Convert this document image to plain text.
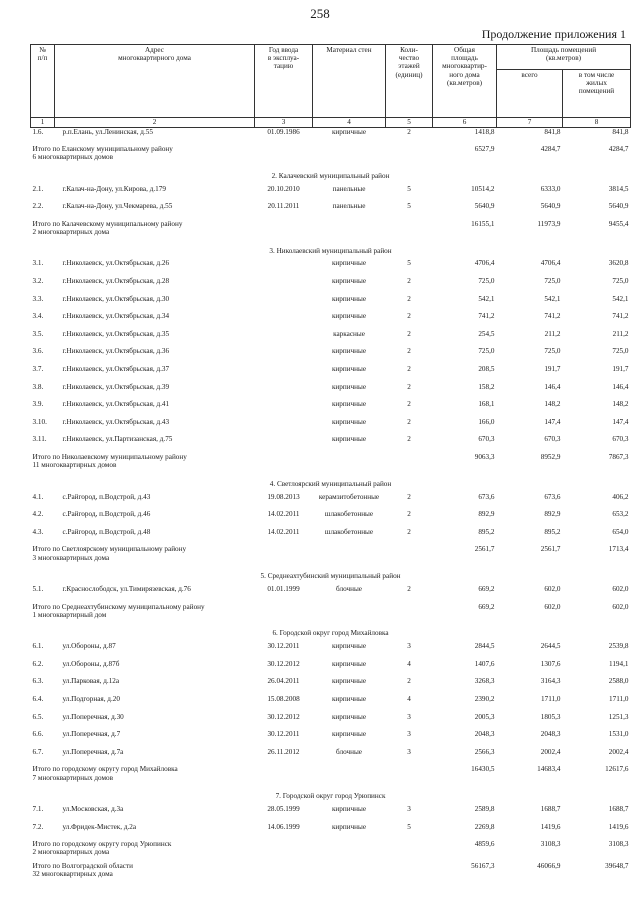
258
Продолжение приложения 1
№
п/п	Адрес
многоквартирного дома	Год ввода
в эксплуа-
тацию	Материал стен	Коли-
чество
этажей
(единиц)	Общая
площадь
многоквартир-
ного дома
(кв.метров)	Площадь помещений
(кв.метров)	
						всего	в том числе
жилых
помещений
1	2	3	4	5	6	7	8
1.6.	р.п.Елань, ул.Ленинская, д.55	01.09.1986	кирпичные	2	1418,8	841,8	841,8
Итого по Еланскому муниципальному району
6 многоквартирных домов					6527,9	4284,7	4284,7
2. Калачевский муниципальный район							
2.1.	г.Калач-на-Дону, ул.Кирова, д.179	20.10.2010	панельные	5	10514,2	6333,0	3814,5
2.2.	г.Калач-на-Дону, ул.Чекмарева, д.55	20.11.2011	панельные	5	5640,9	5640,9	5640,9
Итого по Калачевскому муниципальному району
2 многоквартирных дома					16155,1	11973,9	9455,4
3. Николаевский муниципальный район							
3.1.	г.Николаевск, ул.Октябрьская, д.26		кирпичные	5	4706,4	4706,4	3620,8
3.2.	г.Николаевск, ул.Октябрьская, д.28		кирпичные	2	725,0	725,0	725,0
3.3.	г.Николаевск, ул.Октябрьская, д.30		кирпичные	2	542,1	542,1	542,1
3.4.	г.Николаевск, ул.Октябрьская, д.34		кирпичные	2	741,2	741,2	741,2
3.5.	г.Николаевск, ул.Октябрьская, д.35		каркасные	2	254,5	211,2	211,2
3.6.	г.Николаевск, ул.Октябрьская, д.36		кирпичные	2	725,0	725,0	725,0
3.7.	г.Николаевск, ул.Октябрьская, д.37		кирпичные	2	208,5	191,7	191,7
3.8.	г.Николаевск, ул.Октябрьская, д.39		кирпичные	2	158,2	146,4	146,4
3.9.	г.Николаевск, ул.Октябрьская, д.41		кирпичные	2	168,1	148,2	148,2
3.10.	г.Николаевск, ул.Октябрьская, д.43		кирпичные	2	166,0	147,4	147,4
3.11.	г.Николаевск, ул.Партизанская, д.75		кирпичные	2	670,3	670,3	670,3
Итого по Николаевскому муниципальному району
11 многоквартирных домов					9063,3	8952,9	7867,3
4. Светлоярский муниципальный район							
4.1.	с.Райгород, п.Водстрой, д.43	19.08.2013	керамзитобетонные	2	673,6	673,6	406,2
4.2.	с.Райгород, п.Водстрой, д.46	14.02.2011	шлакобетонные	2	892,9	892,9	653,2
4.3.	с.Райгород, п.Водстрой, д.48	14.02.2011	шлакобетонные	2	895,2	895,2	654,0
Итого по Светлоярскому муниципальному району
3 многоквартирных дома					2561,7	2561,7	1713,4
5. Среднеахтубинский муниципальный район							
5.1.	г.Краснослободск, ул.Тимирязевская, д.76	01.01.1999	блочные	2	669,2	602,0	602,0
Итого по Среднеахтубинскому муниципальному району
1 многоквартирный дом					669,2	602,0	602,0
6. Городской округ город Михайловка							
6.1.	ул.Обороны, д.87	30.12.2011	кирпичные	3	2844,5	2644,5	2539,8
6.2.	ул.Обороны, д.87б	30.12.2012	кирпичные	4	1407,6	1307,6	1194,1
6.3.	ул.Парковая, д.12а	26.04.2011	кирпичные	2	3268,3	3164,3	2588,0
6.4.	ул.Подгорная, д.20	15.08.2008	кирпичные	4	2390,2	1711,0	1711,0
6.5.	ул.Поперечная, д.30	30.12.2012	кирпичные	3	2005,3	1805,3	1251,3
6.6.	ул.Поперечная, д.7	30.12.2011	кирпичные	3	2048,3	2048,3	1531,0
6.7.	ул.Поперечная, д.7а	26.11.2012	блочные	3	2566,3	2002,4	2002,4
Итого по городскому округу город Михайловка
7 многоквартирных домов					16430,5	14683,4	12617,6
7. Городской округ город Урюпинск							
7.1.	ул.Московская, д.3а	28.05.1999	кирпичные	3	2589,8	1688,7	1688,7
7.2.	ул.Фридек-Мистек, д.2а	14.06.1999	кирпичные	5	2269,8	1419,6	1419,6
Итого по городскому округу город Урюпинск
2 многоквартирных дома					4859,6	3108,3	3108,3
Итого по Волгоградской области
32 многоквартирных дома					56167,3	46066,9	39648,7
